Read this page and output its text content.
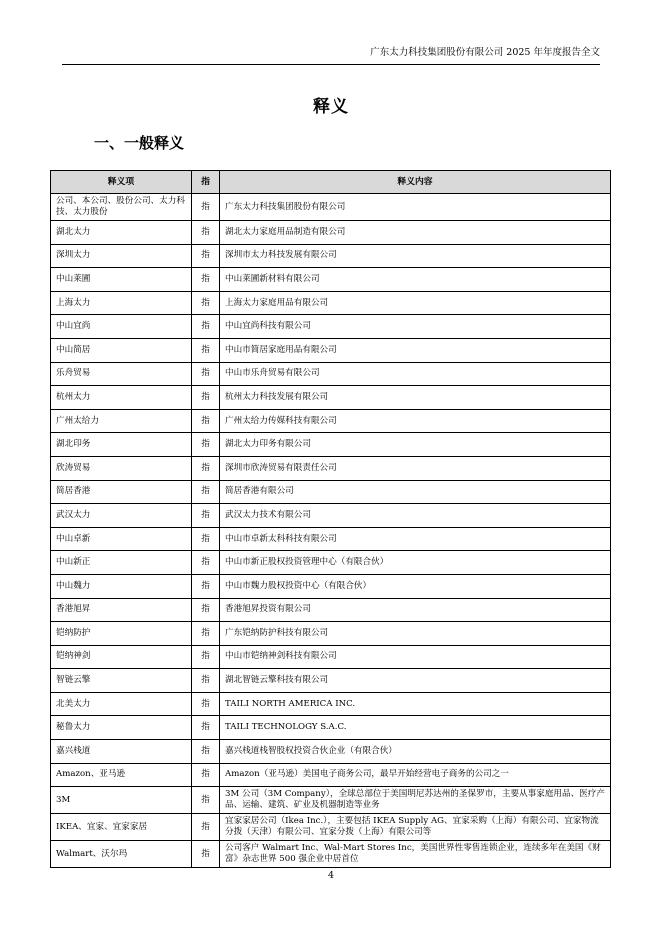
广东太力科技集团股份有限公司 2025 年年度报告全文
释义
一、一般释义
释义项	指	释义内容
公司、本公司、股份公司、太力科技、太力股份	指	广东太力科技集团股份有限公司
湖北太力	指	湖北太力家庭用品制造有限公司
深圳太力	指	深圳市太力科技发展有限公司
中山莱圃	指	中山莱圃新材料有限公司
上海太力	指	上海太力家庭用品有限公司
中山宜尚	指	中山宜尚科技有限公司
中山简居	指	中山市简居家庭用品有限公司
乐舟贸易	指	中山市乐舟贸易有限公司
杭州太力	指	杭州太力科技发展有限公司
广州太给力	指	广州太给力传媒科技有限公司
湖北印务	指	湖北太力印务有限公司
欣涛贸易	指	深圳市欣涛贸易有限责任公司
简居香港	指	简居香港有限公司
武汉太力	指	武汉太力技术有限公司
中山卓新	指	中山市卓新太科科技有限公司
中山新正	指	中山市新正股权投资管理中心（有限合伙）
中山魏力	指	中山市魏力股权投资中心（有限合伙）
香港旭昇	指	香港旭昇投资有限公司
铠纳防护	指	广东铠纳防护科技有限公司
铠纳神剑	指	中山市铠纳神剑科技有限公司
智链云擎	指	湖北智链云擎科技有限公司
北美太力	指	TAILI NORTH AMERICA INC.
秘鲁太力	指	TAILI TECHNOLOGY S.A.C.
嘉兴栈道	指	嘉兴栈道栈智股权投资合伙企业（有限合伙）
Amazon、亚马逊	指	Amazon（亚马逊）美国电子商务公司，最早开始经营电子商务的公司之一
3M	指	3M 公司（3M Company），全球总部位于美国明尼苏达州的圣保罗市，主要从事家庭用品、医疗产品、运输、建筑、矿业及机器制造等业务
IKEA、宜家、宜家家居	指	宜家家居公司（Ikea Inc.），主要包括 IKEA Supply AG、宜家采购（上海）有限公司、宜家物流分拨（天津）有限公司、宜家分拨（上海）有限公司等
Walmart、沃尔玛	指	公司客户 Walmart Inc、Wal-Mart Stores Inc，美国世界性零售连锁企业，连续多年在美国《财富》杂志世界 500 强企业中居首位
4
